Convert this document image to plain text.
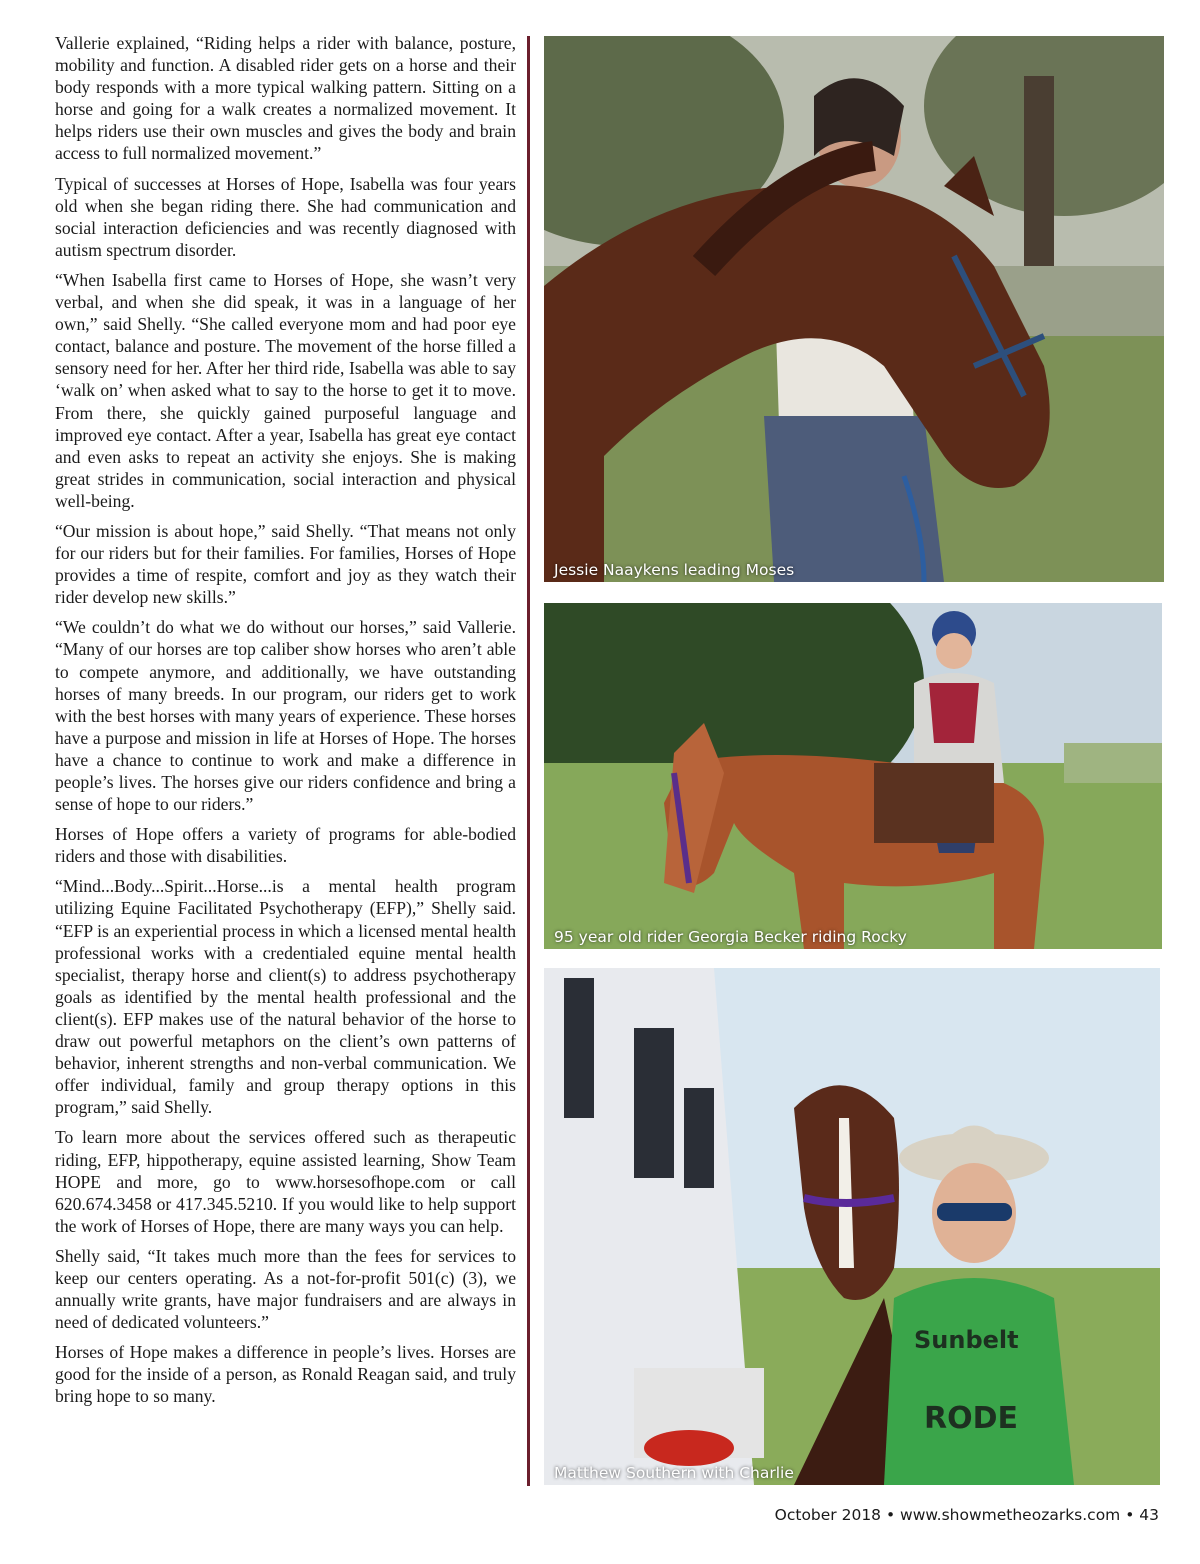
Vallerie explained, “Riding helps a rider with balance, posture, mobility and function. A disabled rider gets on a horse and their body responds with a more typical walking pattern. Sitting on a horse and going for a walk creates a normalized movement. It helps riders use their own muscles and gives the body and brain access to full normalized movement.”

Typical of successes at Horses of Hope, Isabella was four years old when she began riding there. She had communication and social interaction deficiencies and was recently diagnosed with autism spectrum disorder.

“When Isabella first came to Horses of Hope, she wasn’t very verbal, and when she did speak, it was in a language of her own,” said Shelly. “She called everyone mom and had poor eye contact, balance and posture. The movement of the horse filled a sensory need for her. After her third ride, Isabella was able to say ‘walk on’ when asked what to say to the horse to get it to move. From there, she quickly gained purposeful language and improved eye contact. After a year, Isabella has great eye contact and even asks to repeat an activity she enjoys. She is making great strides in communication, social interaction and physical well-being.

“Our mission is about hope,” said Shelly. “That means not only for our riders but for their families. For families, Horses of Hope provides a time of respite, comfort and joy as they watch their rider develop new skills.”

“We couldn’t do what we do without our horses,” said Vallerie. “Many of our horses are top caliber show horses who aren’t able to compete anymore, and additionally, we have outstanding horses of many breeds. In our program, our riders get to work with the best horses with many years of experience. These horses have a purpose and mission in life at Horses of Hope. The horses have a chance to continue to work and make a difference in people’s lives. The horses give our riders confidence and bring a sense of hope to our riders.”

Horses of Hope offers a variety of programs for able-bodied riders and those with disabilities.

“Mind...Body...Spirit...Horse...is a mental health program utilizing Equine Facilitated Psychotherapy (EFP),” Shelly said. “EFP is an experiential process in which a licensed mental health professional works with a credentialed equine mental health specialist, therapy horse and client(s) to address psychotherapy goals as identified by the mental health professional and the client(s). EFP makes use of the natural behavior of the horse to draw out powerful metaphors on the client’s own patterns of behavior, inherent strengths and non-verbal communication. We offer individual, family and group therapy options in this program,” said Shelly.

To learn more about the services offered such as therapeutic riding, EFP, hippotherapy, equine assisted learning, Show Team HOPE and more, go to www.horsesofhope.com or call 620.674.3458 or 417.345.5210. If you would like to help support the work of Horses of Hope, there are many ways you can help.

Shelly said, “It takes much more than the fees for services to keep our centers operating. As a not-for-profit 501(c) (3), we annually write grants, have major fundraisers and are always in need of dedicated volunteers.”

Horses of Hope makes a difference in people’s lives. Horses are good for the inside of a person, as Ronald Reagan said, and truly bring hope to so many.

Jessie Naaykens leading Moses
95 year old rider Georgia Becker riding Rocky
Sunbelt
RODE
Matthew Southern with Charlie
October 2018 • www.showmetheozarks.com • 43
